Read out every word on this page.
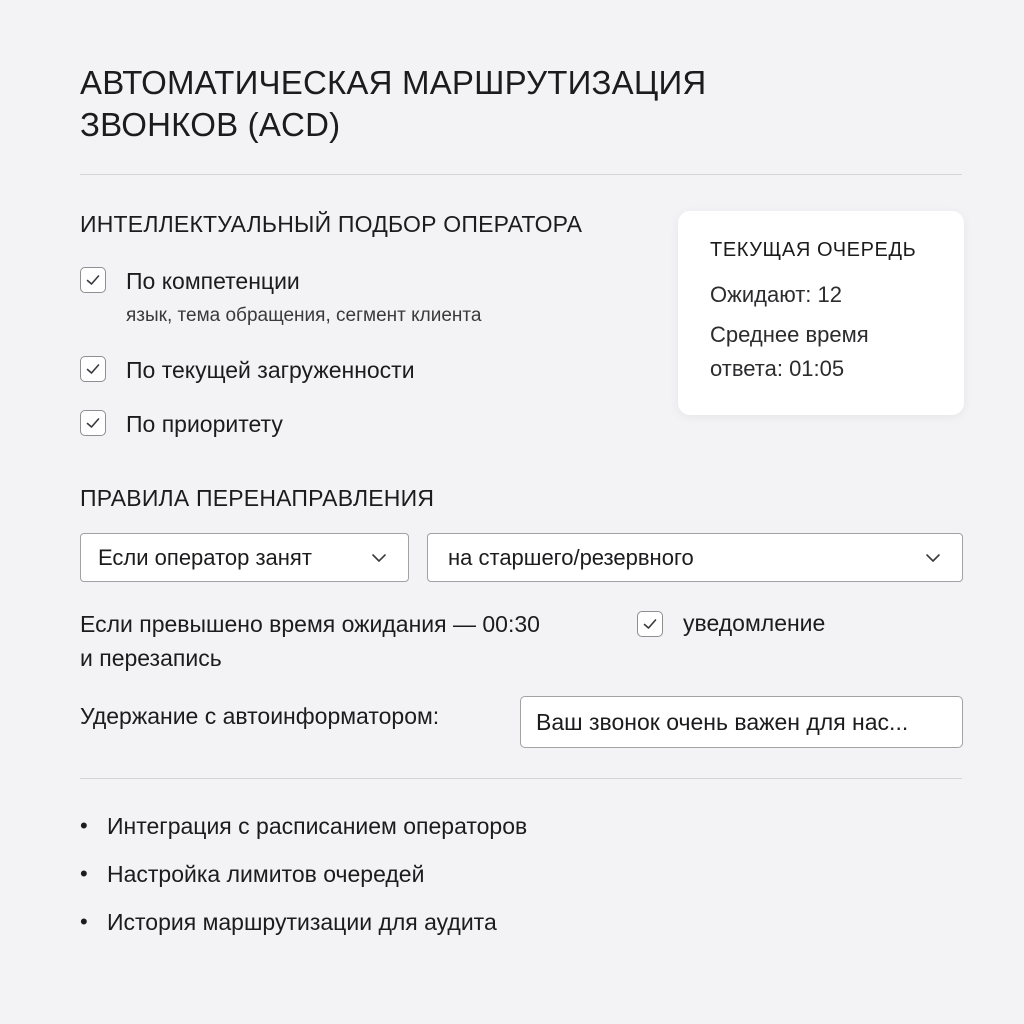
АВТОМАТИЧЕСКАЯ МАРШРУТИЗАЦИЯ
ЗВОНКОВ (ACD)
ИНТЕЛЛЕКТУАЛЬНЫЙ ПОДБОР ОПЕРАТОРА
По компетенции
язык, тема обращения, сегмент клиента
По текущей загруженности
По приоритету
ТЕКУЩАЯ ОЧЕРЕДЬ
Ожидают: 12
Среднее время
ответа: 01:05
ПРАВИЛА ПЕРЕНАПРАВЛЕНИЯ
Если оператор занят	на старшего/резервного
Если превышено время ожидания — 00:30
и перезапись
уведомление
Удержание с автоинформатором:
Ваш звонок очень важен для нас...
• Интеграция с расписанием операторов
• Настройка лимитов очередей
• История маршрутизации для аудита
